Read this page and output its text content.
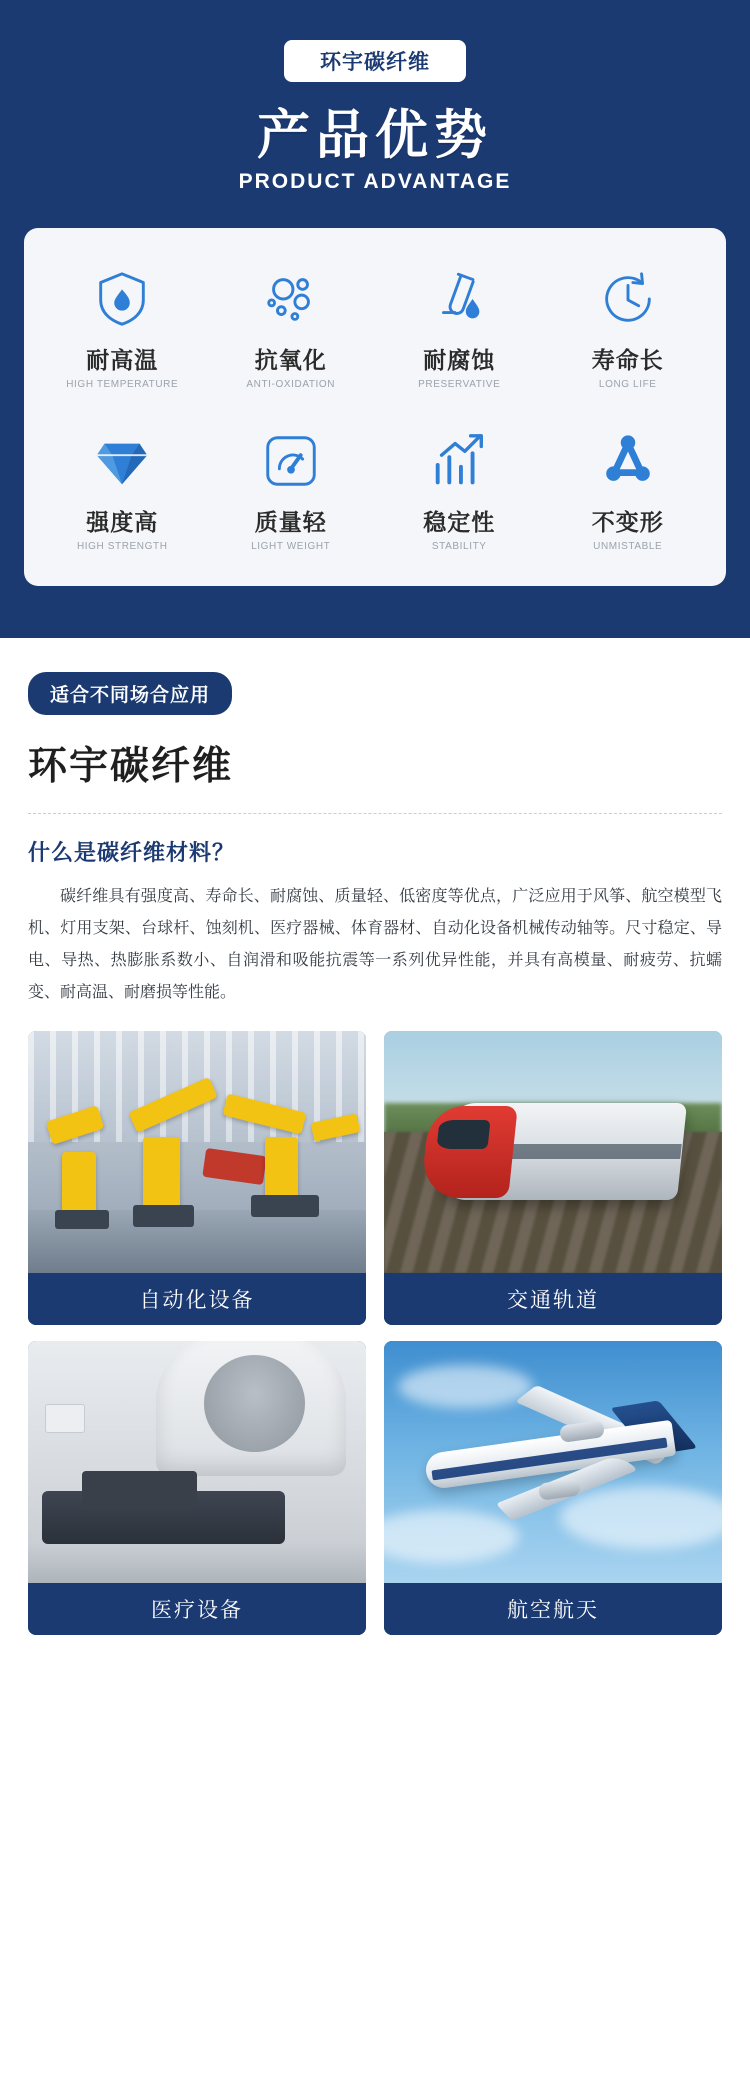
环宇碳纤维
产品优势
PRODUCT ADVANTAGE
耐高温
HIGH TEMPERATURE
抗氧化
ANTI-OXIDATION
耐腐蚀
PRESERVATIVE
寿命长
LONG LIFE
强度高
HIGH STRENGTH
质量轻
LIGHT WEIGHT
稳定性
STABILITY
不变形
UNMISTABLE
适合不同场合应用
环宇碳纤维
什么是碳纤维材料？

碳纤维具有强度高、寿命长、耐腐蚀、质量轻、低密度等优点，广泛应用于风筝、航空模型飞机、灯用支架、台球杆、蚀刻机、医疗器械、体育器材、自动化设备机械传动轴等。尺寸稳定、导电、导热、热膨胀系数小、自润滑和吸能抗震等一系列优异性能，并具有高模量、耐疲劳、抗蠕变、耐高温、耐磨损等性能。

自动化设备	交通轨道
医疗设备	航空航天
